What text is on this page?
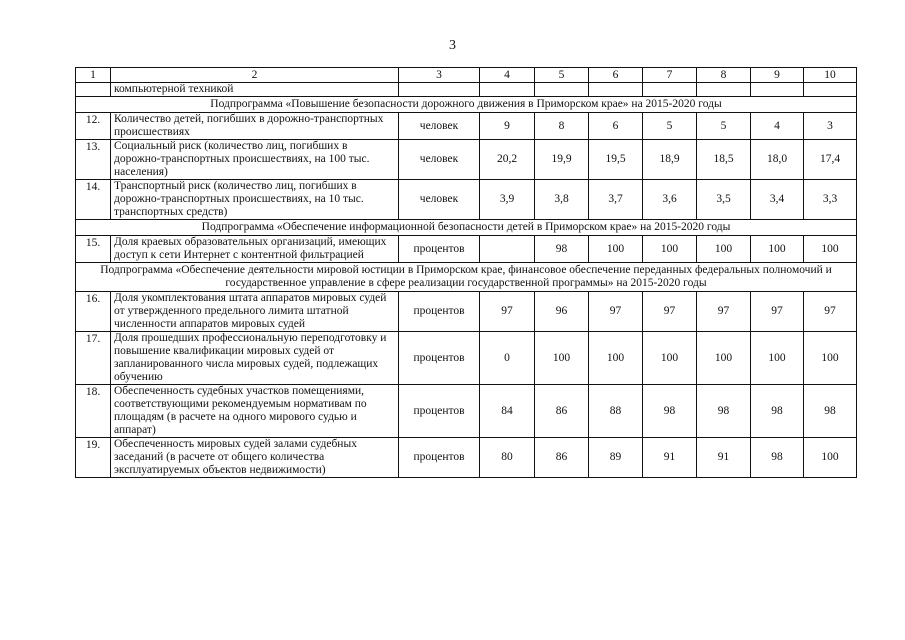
3
1	2	3	4	5	6	7	8	9	10
	компьютерной техникой								
Подпрограмма «Повышение безопасности дорожного движения в Приморском крае» на 2015-2020 годы									
12.	Количество детей, погибших в дорожно-транспортных происшествиях	человек	9	8	6	5	5	4	3
13.	Социальный риск (количество лиц, погибших в дорожно-транспортных происшествиях, на 100 тыс. населения)	человек	20,2	19,9	19,5	18,9	18,5	18,0	17,4
14.	Транспортный риск (количество лиц, погибших в дорожно-транспортных происшествиях, на 10 тыс. транспортных средств)	человек	3,9	3,8	3,7	3,6	3,5	3,4	3,3
Подпрограмма «Обеспечение информационной безопасности детей в Приморском крае» на 2015-2020 годы									
15.	Доля краевых образовательных организаций, имеющих доступ к сети Интернет с контентной фильтрацией	процентов		98	100	100	100	100	100
Подпрограмма «Обеспечение деятельности мировой юстиции в Приморском крае, финансовое обеспечение переданных федеральных полномочий и государственное управление в сфере реализации государственной программы» на 2015-2020 годы									
16.	Доля укомплектования штата аппаратов мировых судей от утвержденного предельного лимита штатной численности аппаратов мировых судей	процентов	97	96	97	97	97	97	97
17.	Доля прошедших профессиональную переподготовку и повышение квалификации мировых судей от запланированного числа мировых судей, подлежащих обучению	процентов	0	100	100	100	100	100	100
18.	Обеспеченность судебных участков помещениями, соответствующими рекомендуемым нормативам по площадям (в расчете на одного мирового судью и аппарат)	процентов	84	86	88	98	98	98	98
19.	Обеспеченность мировых судей залами судебных заседаний (в расчете от общего количества эксплуатируемых объектов недвижимости)	процентов	80	86	89	91	91	98	100
